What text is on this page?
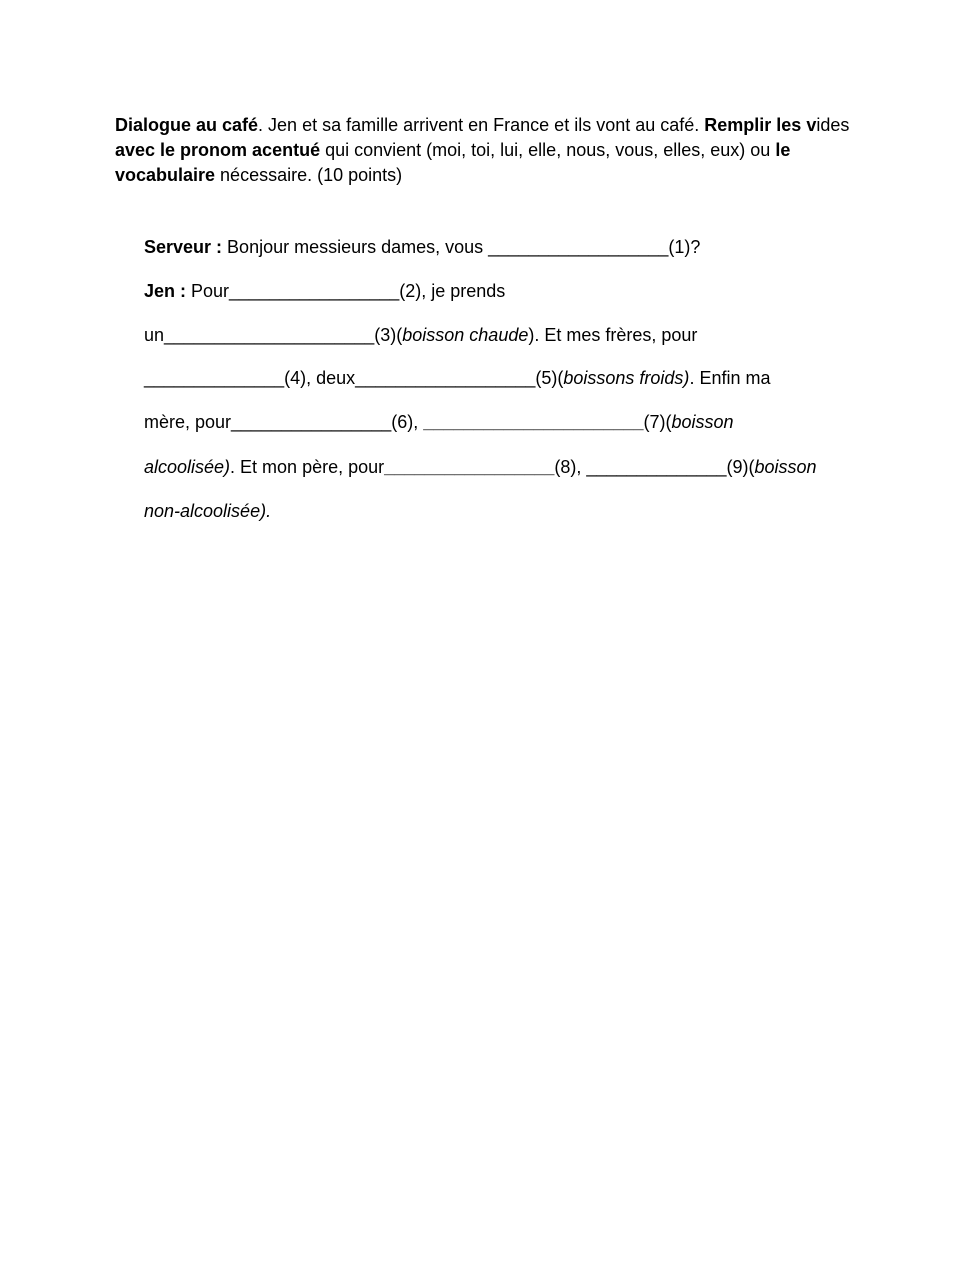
Dialogue au café. Jen et sa famille arrivent en France et ils vont au café. Remplir les vides avec le pronom acentué qui convient (moi, toi, lui, elle, nous, vous, elles, eux) ou le vocabulaire nécessaire. (10 points)

Serveur : Bonjour messieurs dames, vous __________________(1)?

Jen : Pour_________________(2), je prends

un_____________________(3)(boisson chaude). Et mes frères, pour

______________(4), deux__________________(5)(boissons froids). Enfin ma

mère, pour________________(6), ______________________(7)(boisson

alcoolisée). Et mon père, pour_________________(8), ______________(9)(boisson

non-alcoolisée).
